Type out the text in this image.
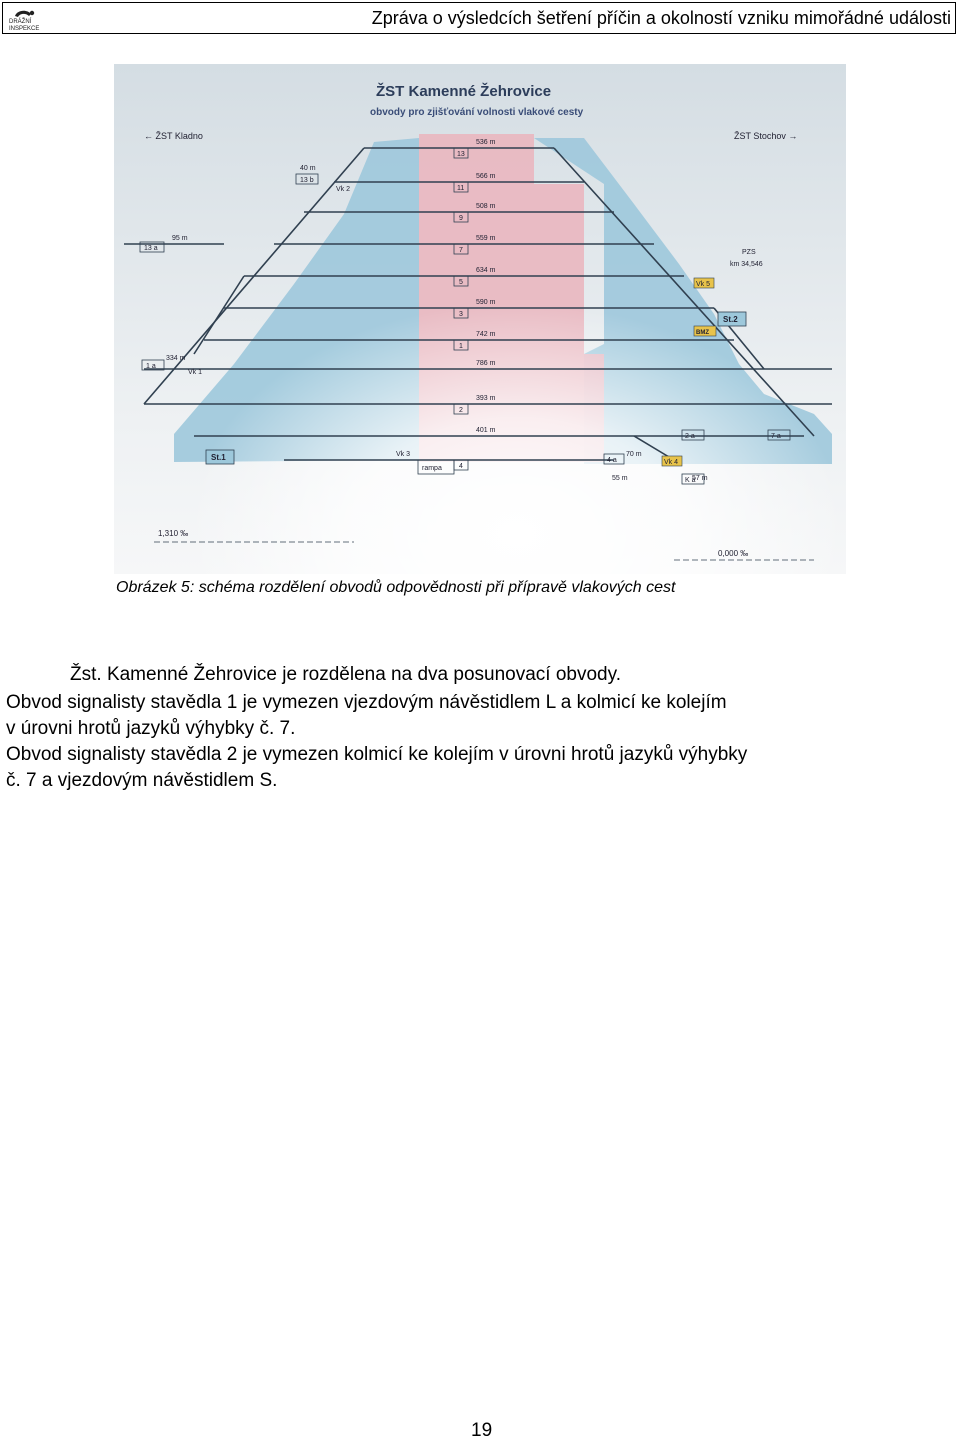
DRÁŽNÍ
INSPEKCE
Zpráva o výsledcích šetření příčin a okolností vzniku mimořádné události
ŽST Kamenné Žehrovice
obvody pro zjišťování volnosti vlakové cesty
← ŽST Kladno	ŽST Stochov →
536 m
566 m
508 m
559 m
634 m
590 m
742 m
786 m
393 m
401 m
13
11
9
7
5
3
1
2
4
40 m
13 b
95 m
13 a
334 m
1 a
Vk 2
Vk 1
Vk 3
PZS
km 34,546
Vk 5
Vk 4
2 a	7 a
4 a
70 m
55 m	57 m
K a
St.1
St.2
BMZ
rampa
1,310 ‰
0,000 ‰
Obrázek 5: schéma rozdělení obvodů odpovědnosti při přípravě vlakových cest
Žst. Kamenné Žehrovice je rozdělena na dva posunovací obvody.
Obvod signalisty stavědla 1 je vymezen vjezdovým návěstidlem L a kolmicí ke kolejím
v úrovni hrotů jazyků výhybky č. 7.
Obvod signalisty stavědla 2 je vymezen kolmicí ke kolejím v úrovni hrotů jazyků výhybky
č. 7 a vjezdovým návěstidlem S.
19
